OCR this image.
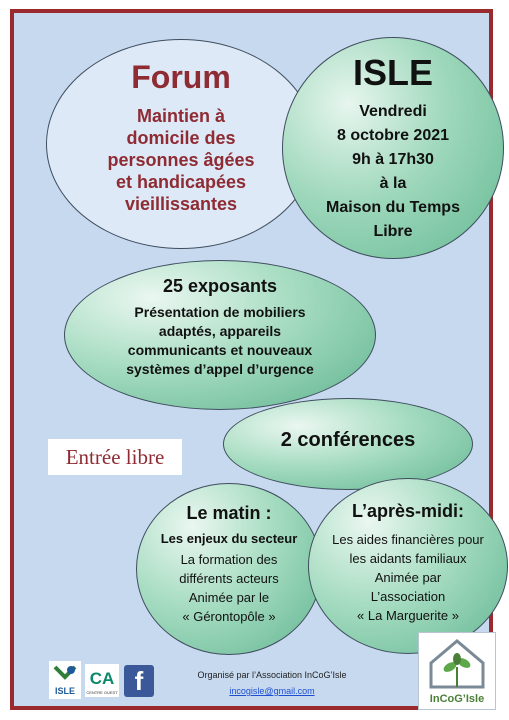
Forum
Maintien à
domicile des
personnes âgées
et handicapées
vieillissantes
ISLE
Vendredi
8 octobre 2021
9h à 17h30
à la
Maison du Temps
Libre
25 exposants
Présentation de mobiliers
adaptés, appareils
communicants et nouveaux
systèmes d’appel d’urgence
2 conférences
Le matin :
Les enjeux du secteur
La formation des
différents acteurs
Animée par le
« Gérontopôle »
L’après-midi:
Les aides financières pour
les aidants familiaux
Animée par
L’association
« La Marguerite »
Entrée libre
ISLE
CA
CENTRE OUEST f	Organisé par l’Association InCoG’Isle
incogisle@gmail.com
InCoG’Isle
